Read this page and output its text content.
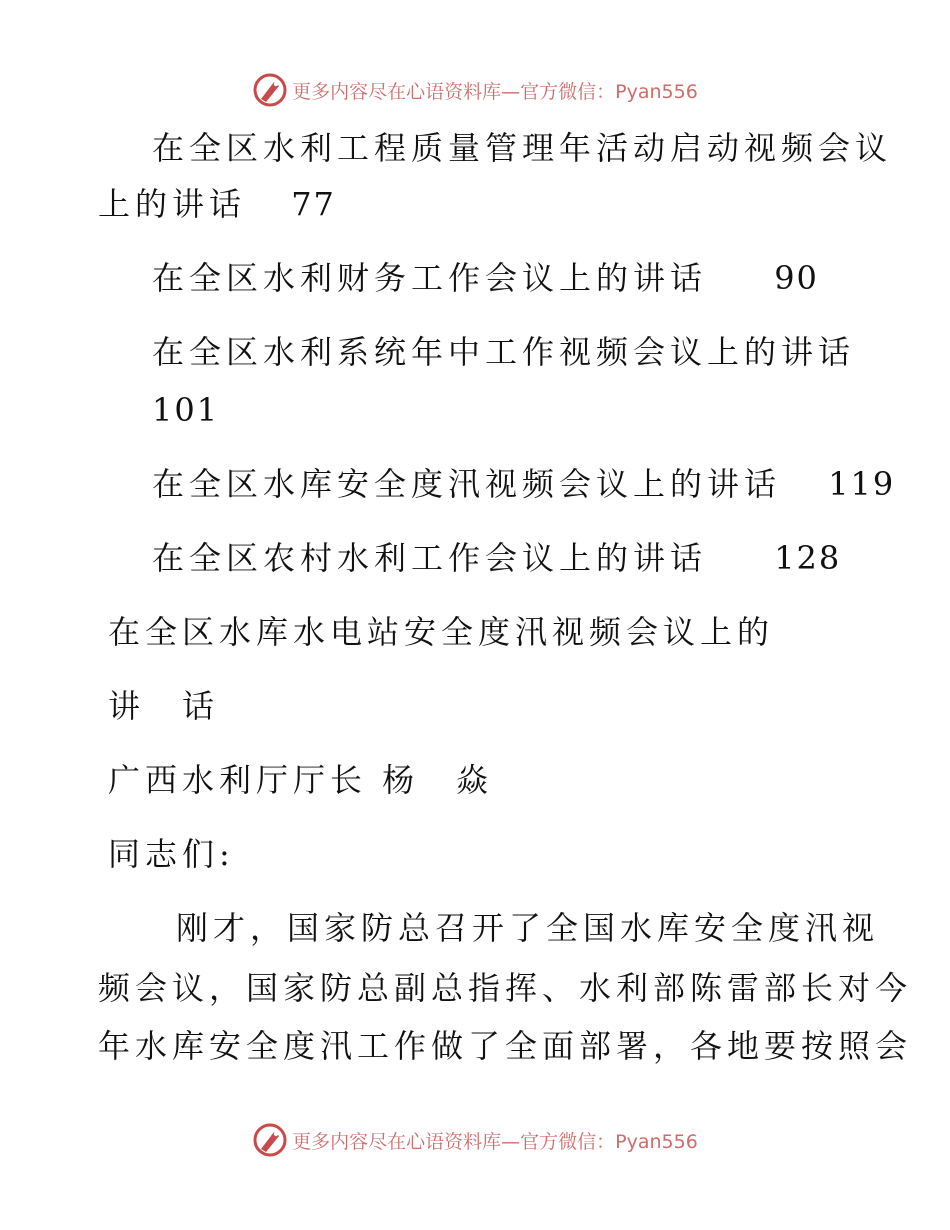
更多内容尽在心语资料库—官方微信：Pyan556
在全区水利工程质量管理年活动启动视频会议
上的讲话 77
在全区水利财务工作会议上的讲话 90
在全区水利系统年中工作视频会议上的讲话
101
在全区水库安全度汛视频会议上的讲话 119
在全区农村水利工作会议上的讲话 128
在全区水库水电站安全度汛视频会议上的
讲　话
广西水利厅厅长 杨　焱
同志们:
刚才，国家防总召开了全国水库安全度汛视
频会议，国家防总副总指挥、水利部陈雷部长对今
年水库安全度汛工作做了全面部署，各地要按照会
更多内容尽在心语资料库—官方微信：Pyan556
